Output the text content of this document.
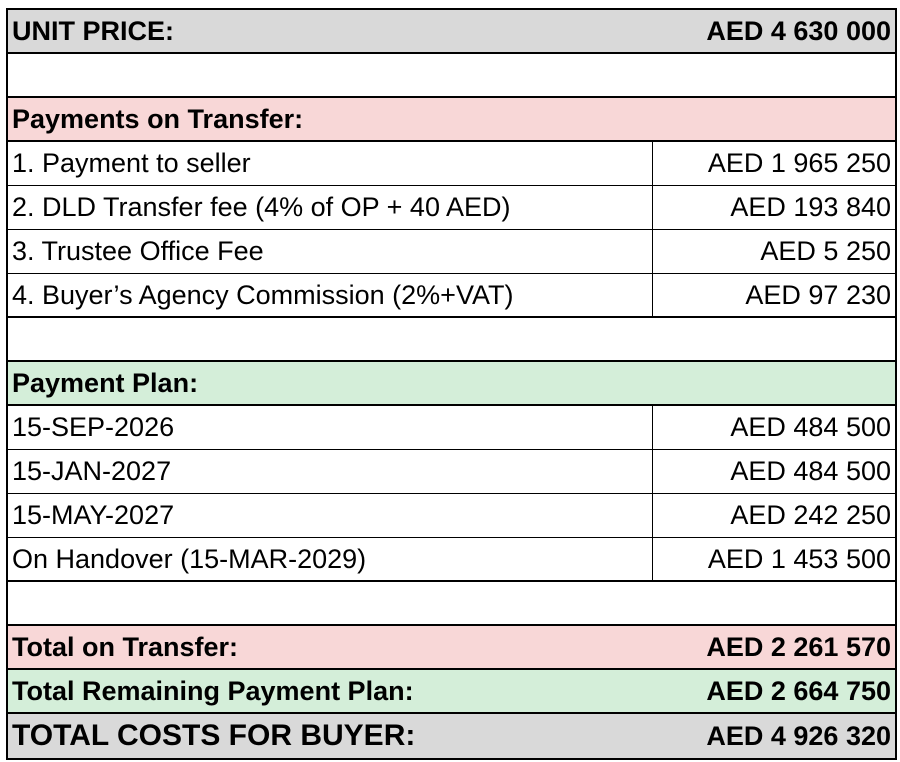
UNIT PRICE:	AED 4 630 000
Payments on Transfer:
1. Payment to seller	AED 1 965 250
2. DLD Transfer fee (4% of OP + 40 AED)	AED 193 840
3. Trustee Office Fee	AED 5 250
4. Buyer’s Agency Commission (2%+VAT)	AED 97 230
Payment Plan:
15-SEP-2026	AED 484 500
15-JAN-2027	AED 484 500
15-MAY-2027	AED 242 250
On Handover (15-MAR-2029)	AED 1 453 500
Total on Transfer:	AED 2 261 570
Total Remaining Payment Plan:	AED 2 664 750
TOTAL COSTS FOR BUYER:	AED 4 926 320
